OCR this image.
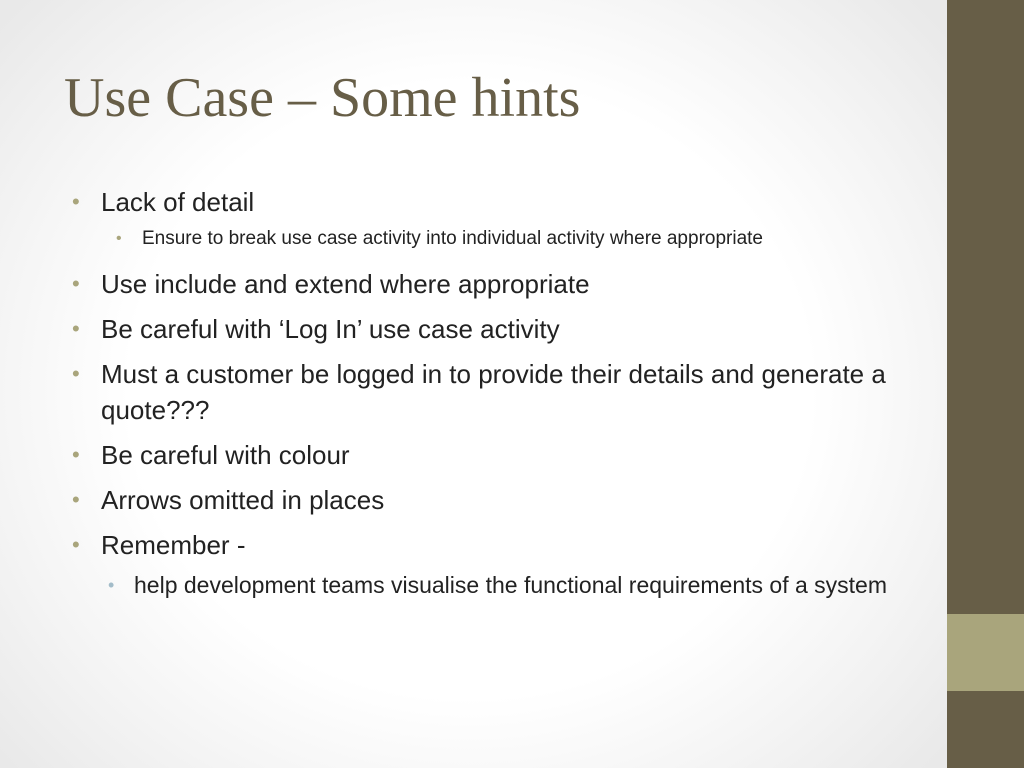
Use Case – Some hints
• Lack of detail
• Ensure to break use case activity into individual activity where appropriate
• Use include and extend where appropriate
• Be careful with ‘Log In’ use case activity
• Must a customer be logged in to provide their details and generate a quote???
• Be careful with colour
• Arrows omitted in places
• Remember -
• help development teams visualise the functional requirements of a system
